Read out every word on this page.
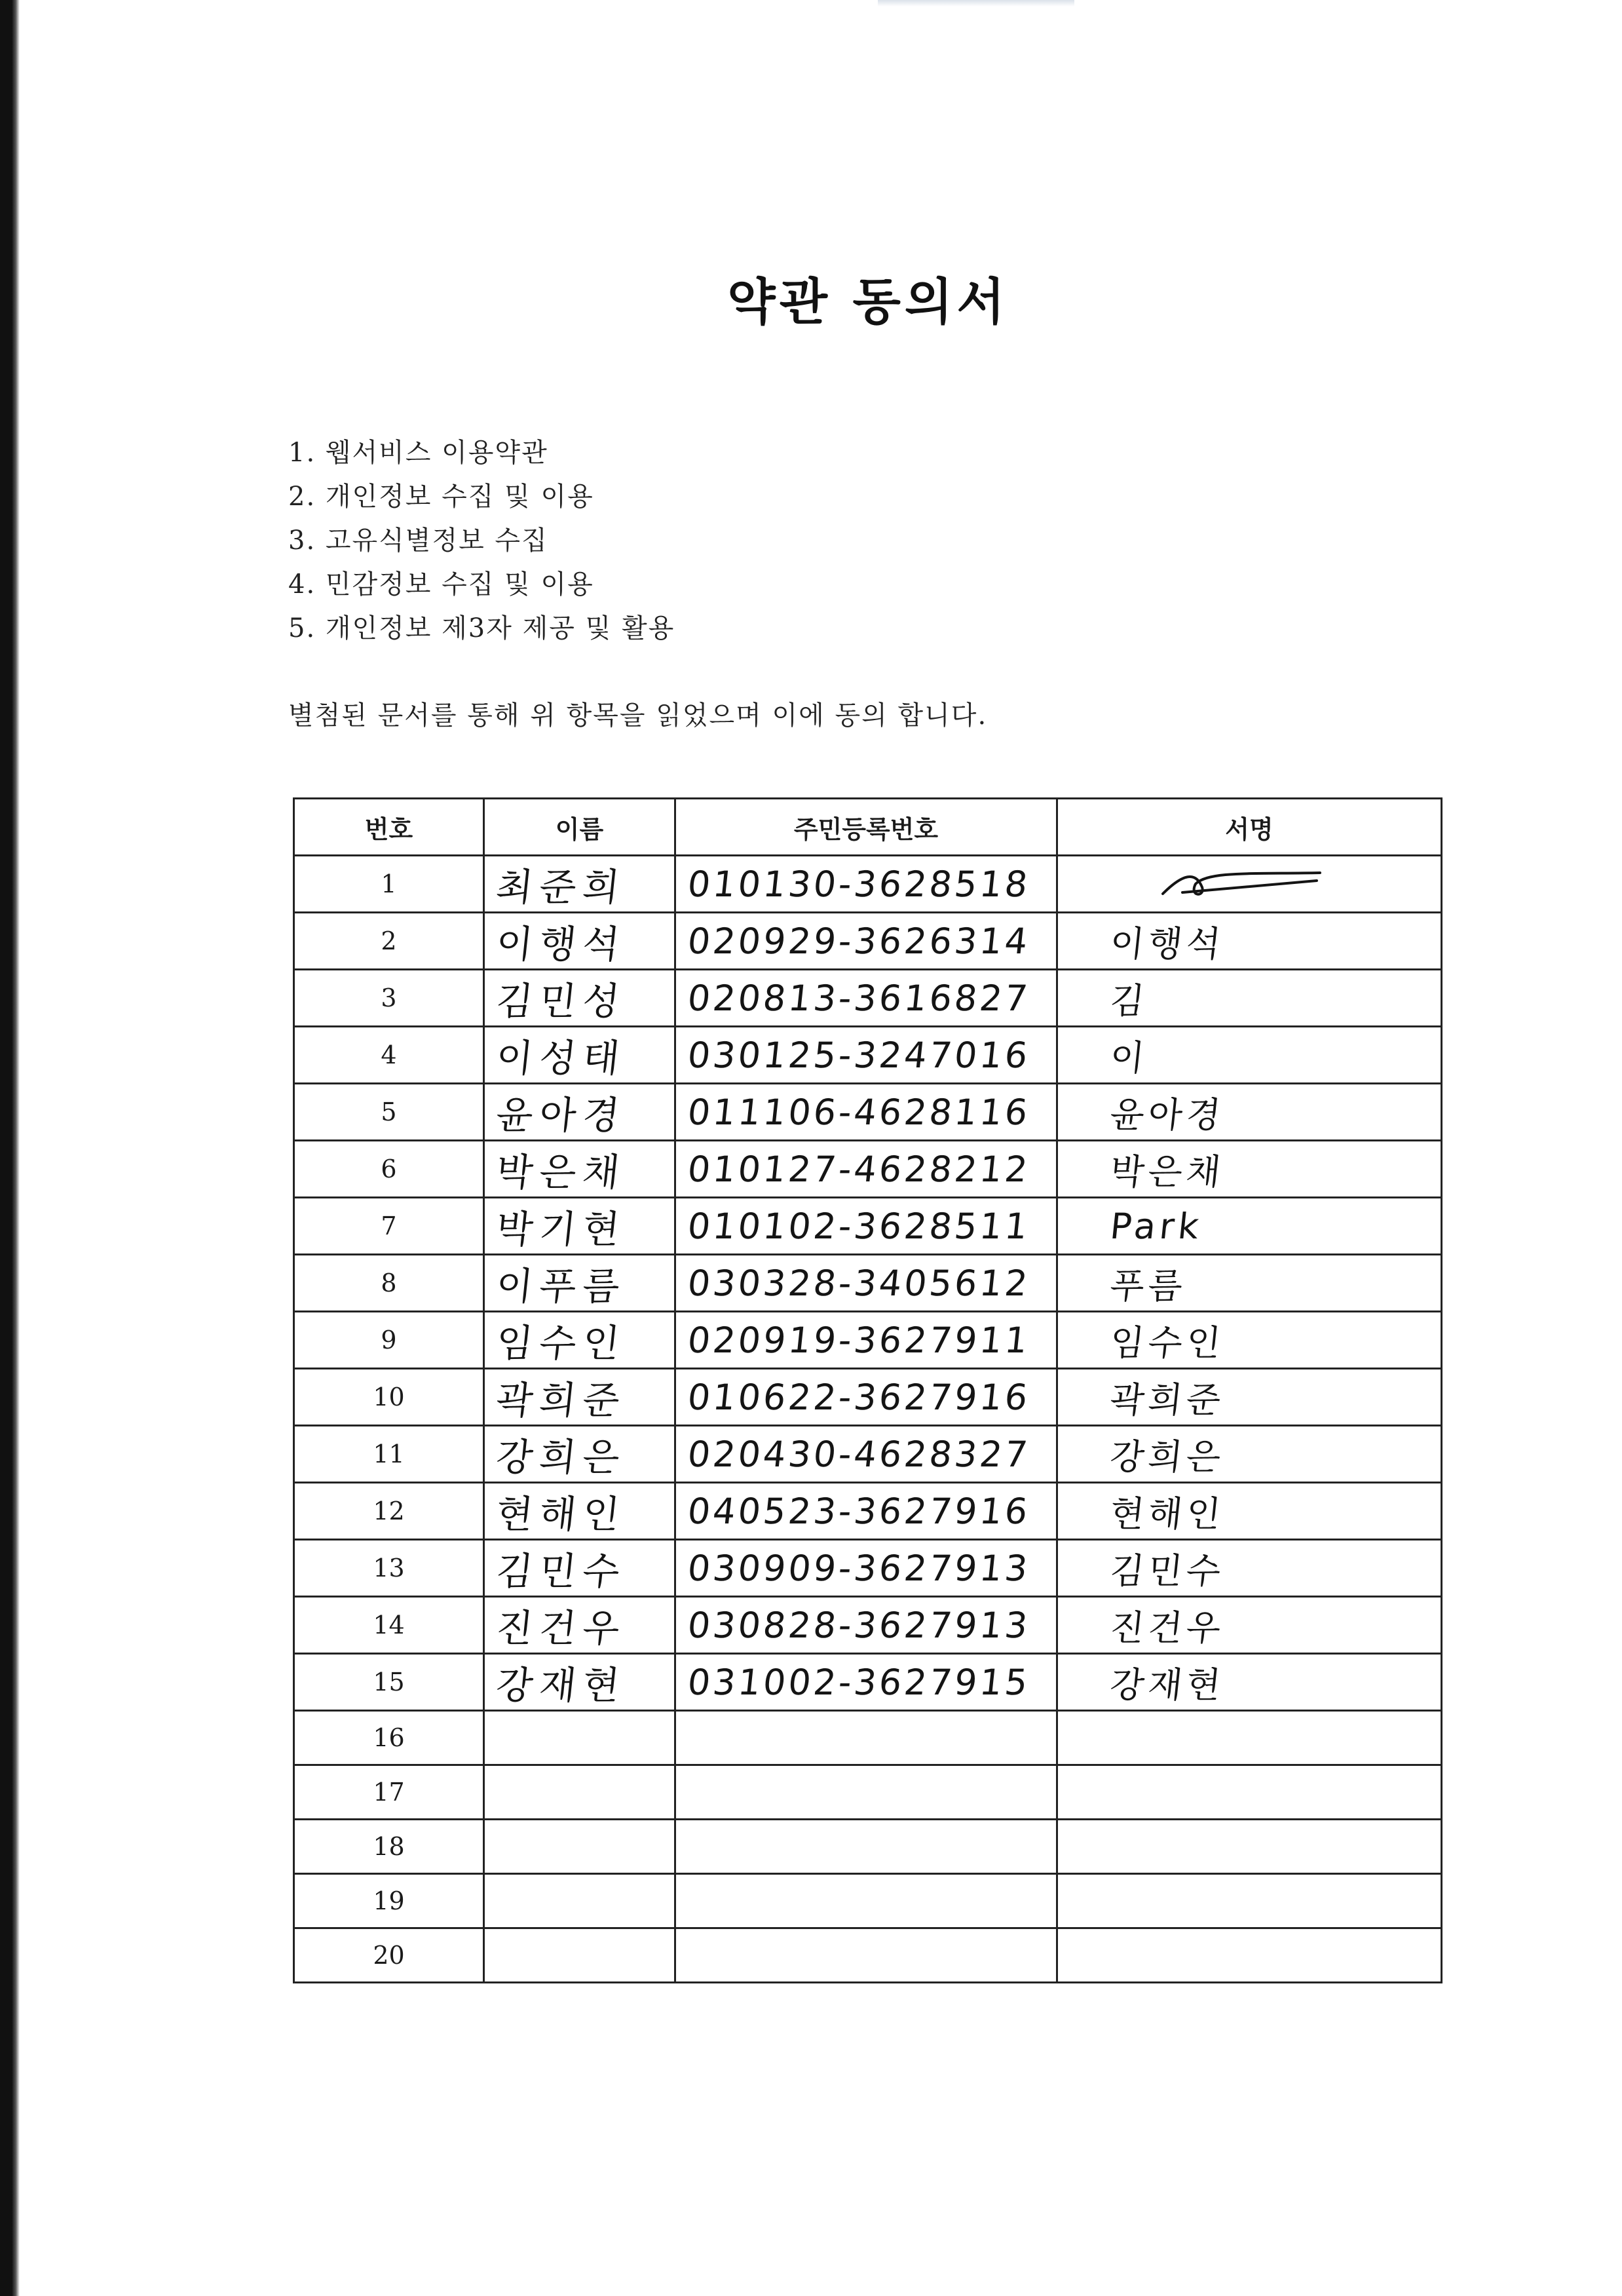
약관 동의서
1. 웹서비스 이용약관
2. 개인정보 수집 및 이용
3. 고유식별정보 수집
4. 민감정보 수집 및 이용
5. 개인정보 제3자 제공 및 활용
별첨된 문서를 통해 위 항목을 읽었으며 이에 동의 합니다.
번호	이름	주민등록번호	서명
1	최준희	010130-3628518

2	이행석	020929-3626314	이행석

3	김민성	020813-3616827	김

4	이성태	030125-3247016	이

5	윤아경	011106-4628116	윤아경

6	박은채	010127-4628212	박은채

7	박기현	010102-3628511	Park

8	이푸름	030328-3405612	푸름

9	임수인	020919-3627911	임수인

10	곽희준	010622-3627916	곽희준

11	강희은	020430-4628327	강희은

12	현해인	040523-3627916	현해인

13	김민수	030909-3627913	김민수

14	진건우	030828-3627913	진건우

15	강재현	031002-3627915	강재현

16	

17	

18	

19	

20	
